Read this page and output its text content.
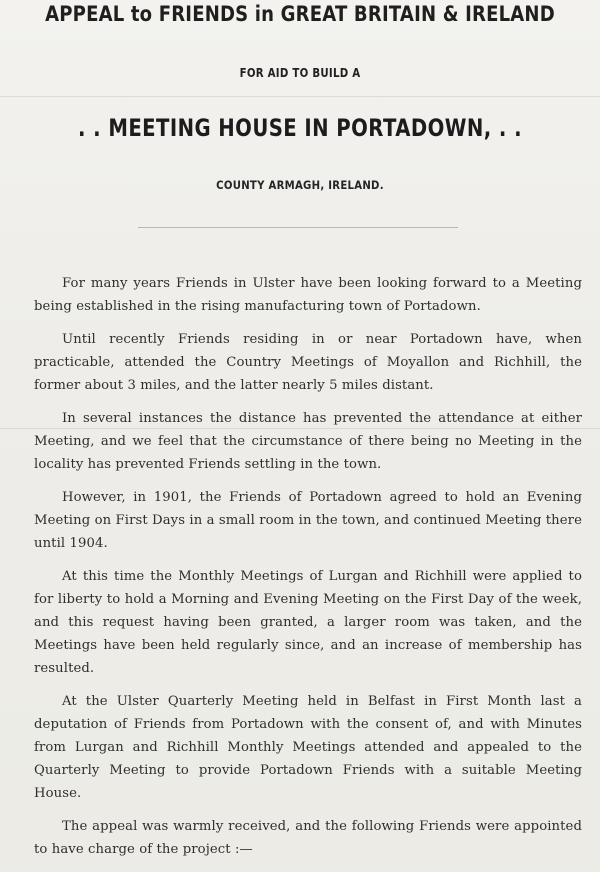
APPEAL to FRIENDS in GREAT BRITAIN & IRELAND
FOR AID TO BUILD A
. . MEETING HOUSE IN PORTADOWN, . .
COUNTY ARMAGH, IRELAND.

For many years Friends in Ulster have been looking forward to a Meeting being established in the rising manufacturing town of Portadown.

Until recently Friends residing in or near Portadown have, when practicable, attended the Country Meetings of Moyallon and Richhill, the former about 3 miles, and the latter nearly 5 miles distant.

In several instances the distance has prevented the attendance at either Meeting, and we feel that the circumstance of there being no Meeting in the locality has prevented Friends settling in the town.

However, in 1901, the Friends of Portadown agreed to hold an Evening Meeting on First Days in a small room in the town, and continued Meeting there until 1904.

At this time the Monthly Meetings of Lurgan and Richhill were applied to for liberty to hold a Morning and Evening Meeting on the First Day of the week, and this request having been granted, a larger room was taken, and the Meetings have been held regularly since, and an increase of membership has resulted.

At the Ulster Quarterly Meeting held in Belfast in First Month last a deputation of Friends from Portadown with the consent of, and with Minutes from Lurgan and Richhill Monthly Meetings attended and appealed to the Quarterly Meeting to provide Portadown Friends with a suitable Meeting House.

The appeal was warmly received, and the following Friends were appointed to have charge of the project :—
